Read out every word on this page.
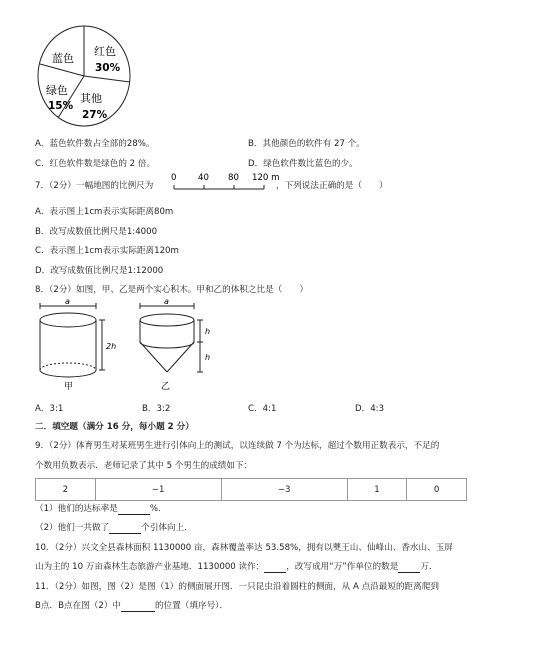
蓝色
红色
30%
绿色
15%
其他
27%
A．蓝色软件数占全部的28%。	B．其他颜色的软件有 27 个。
C．红色软件数是绿色的 2 倍。	D．绿色软件数比蓝色的少。
7．（2分）一幅地图的比例尺为
0	40 80 120 m
，下列说法正确的是（　　）
A．表示图上1cm表示实际距离80m
B．改写成数值比例尺是1:4000
C．表示图上1cm表示实际距离120m
D．改写成数值比例尺是1:12000
8．（2分）如图，甲、乙是两个实心积木。甲和乙的体积之比是（　　）
a
2h
甲
a
h
h
乙
A．3:1	B．3:2	C．4:1	D．4:3
二．填空题（满分 16 分，每小题 2 分）
9．（2分）体育男生对某班男生进行引体向上的测试，以连续做 7 个为达标，超过个数用正数表示，不足的
个数用负数表示．老师记录了其中 5 个男生的成绩如下：
2	−1	−3	1	0
（1）他们的达标率是	%．
（2）他们一共做了	个引体向上．
10．（2分）兴文全县森林面积 1130000 亩，森林覆盖率达 53.58%，拥有以僰王山、仙峰山、香水山、玉屏
山为主的 10 万亩森林生态旅游产业基地．1130000 读作：	，改写成用“万”作单位的数是	万．
11．（2分）如图，图（2）是图（1）的侧面展开图．一只昆虫沿着圆柱的侧面，从 A 点沿最短的距离爬到
B点．B点在图（2）中	的位置（填序号）．
